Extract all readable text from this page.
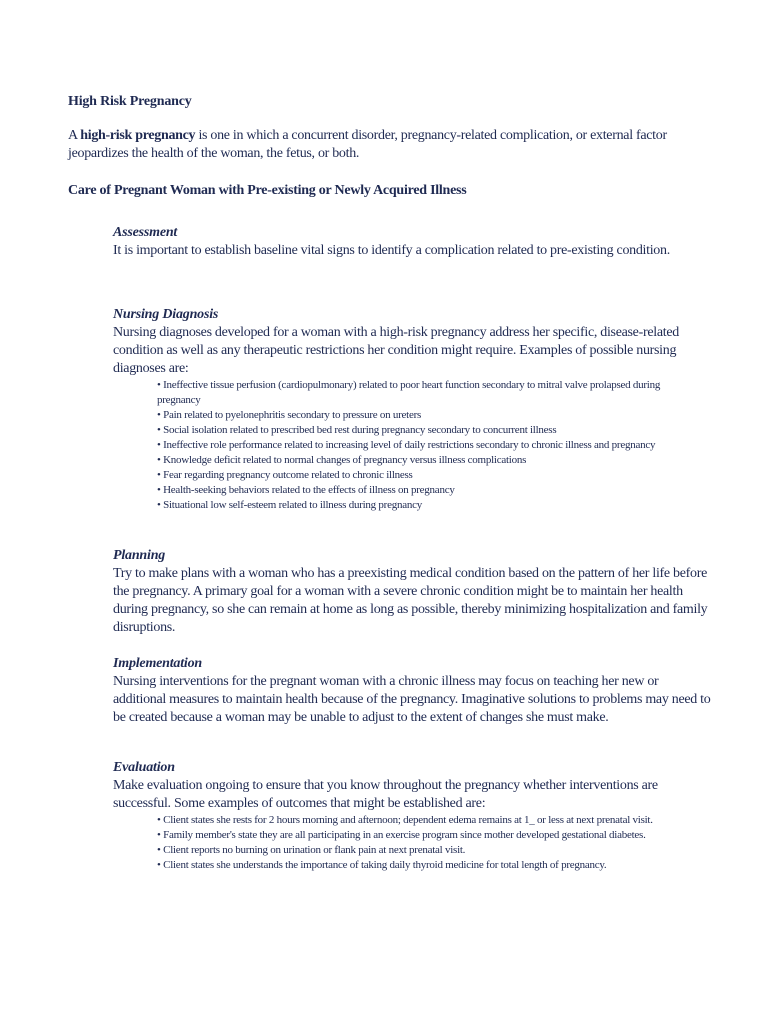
High Risk Pregnancy
A high-risk pregnancy is one in which a concurrent disorder, pregnancy-related complication, or external factor jeopardizes the health of the woman, the fetus, or both.
Care of Pregnant Woman with Pre-existing or Newly Acquired Illness
Assessment
It is important to establish baseline vital signs to identify a complication related to pre-existing condition.
Nursing Diagnosis
Nursing diagnoses developed for a woman with a high-risk pregnancy address her specific, disease-related condition as well as any therapeutic restrictions her condition might require. Examples of possible nursing diagnoses are:
• Ineffective tissue perfusion (cardiopulmonary) related to poor heart function secondary to mitral valve prolapsed during pregnancy
• Pain related to pyelonephritis secondary to pressure on ureters
• Social isolation related to prescribed bed rest during pregnancy secondary to concurrent illness
• Ineffective role performance related to increasing level of daily restrictions secondary to chronic illness and pregnancy
• Knowledge deficit related to normal changes of pregnancy versus illness complications
• Fear regarding pregnancy outcome related to chronic illness
• Health-seeking behaviors related to the effects of illness on pregnancy
• Situational low self-esteem related to illness during pregnancy
Planning
Try to make plans with a woman who has a preexisting medical condition based on the pattern of her life before the pregnancy. A primary goal for a woman with a severe chronic condition might be to maintain her health during pregnancy, so she can remain at home as long as possible, thereby minimizing hospitalization and family disruptions.
Implementation
Nursing interventions for the pregnant woman with a chronic illness may focus on teaching her new or additional measures to maintain health because of the pregnancy. Imaginative solutions to problems may need to be created because a woman may be unable to adjust to the extent of changes she must make.
Evaluation
Make evaluation ongoing to ensure that you know throughout the pregnancy whether interventions are successful. Some examples of outcomes that might be established are:
• Client states she rests for 2 hours morning and afternoon; dependent edema remains at 1_ or less at next prenatal visit.
• Family member's state they are all participating in an exercise program since mother developed gestational diabetes.
• Client reports no burning on urination or flank pain at next prenatal visit.
• Client states she understands the importance of taking daily thyroid medicine for total length of pregnancy.
